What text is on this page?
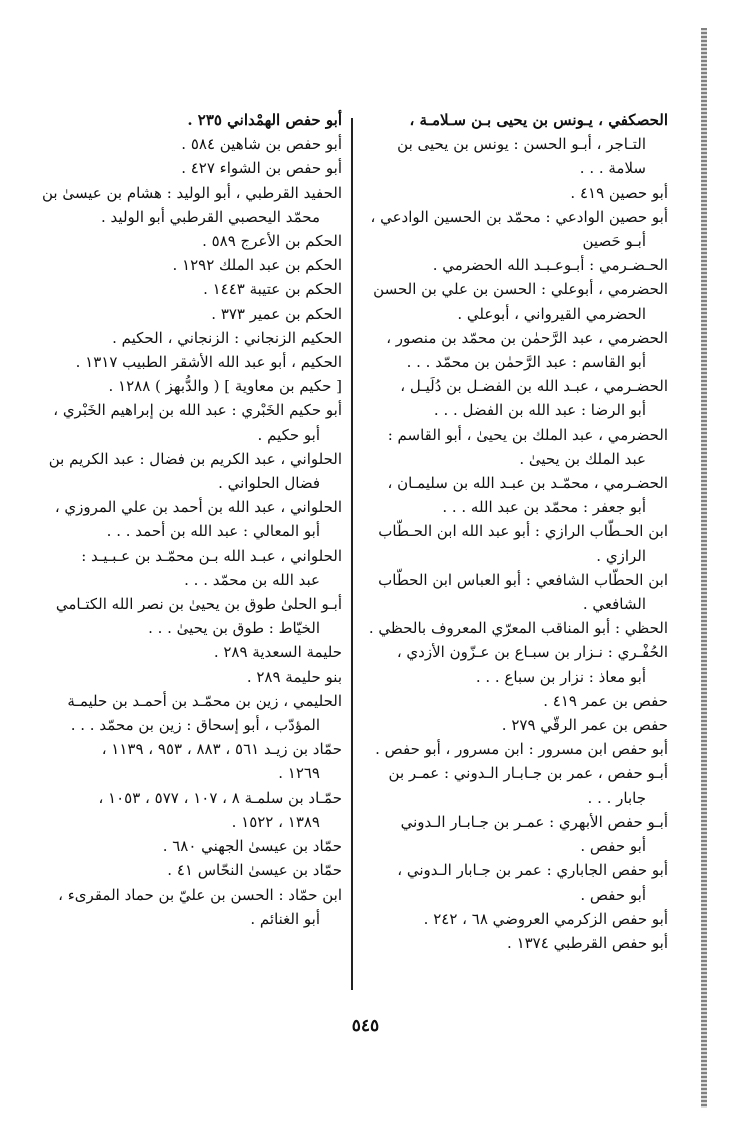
الحصكفي ، يـونس بن يحيى بـن سـلامـة ،
التـاجر ، أبـو الحسن : يونس بن يحيى بن
سلامة . . .
أبو حصين ٤١٩ .
أبو حصين الوادعي : محمّد بن الحسين الوادعي ،
أبـو حَصين
الحـضـرمي : أبـوعـبـد الله الحضرمي .
الحضرمي ، أبوعلي : الحسن بن علي بن الحسن
الحضرمي القيرواني ، أبوعلي .
الحضرمي ، عبد الرَّحمٰن بن محمّد بن منصور ،
أبو القاسم : عبد الرَّحمٰن بن محمّد . . .
الحضـرمي ، عبـد الله بن الفضـل بن دُلَيـل ،
أبو الرضا : عبد الله بن الفضل . . .
الحضرمي ، عبد الملك بن يحيىٰ ، أبو القاسم :
عبد الملك بن يحيىٰ .
الحضـرمي ، محمّـد بن عبـد الله بن سليمـان ،
أبو جعفر : محمّد بن عبد الله . . .
ابن الحـطّاب الرازي : أبو عبد الله ابن الحـطّاب
الرازي .
ابن الحطّاب الشافعي : أبو العباس ابن الحطّاب
الشافعي .
الحظي : أبو المناقب المعرّي المعروف بالحظي .
الحُفْـري : نـزار بن سبـاع بن عـزّون الأزدي ،
أبو معاذ : نزار بن سباع . . .
حفص بن عمر ٤١٩ .
حفص بن عمر الرقّي ٢٧٩ .
أبو حفص ابن مسرور : ابن مسرور ، أبو حفص .
أبـو حفص ، عمر بن جـابـار الـدوني : عمـر بن
جابار . . .
أبـو حفص الأبهري : عمـر بن جـابـار الـدوني
أبو حفص .
أبو حفص الجاباري : عمر بن جـابار الـدوني ،
أبو حفص .
أبو حفص الزكرمي العروضي ٦٨ ، ٢٤٢ .
أبو حفص القرطبي ١٣٧٤ .
أبو حفص الهمْداني ٢٣٥ .
أبو حفص بن شاهين ٥٨٤ .
أبو حفص بن الشواء ٤٢٧ .
الحفيد القرطبي ، أبو الوليد : هشام بن عيسىٰ بن
محمّد اليحصبي القرطبي أبو الوليد .
الحكم بن الأعرج ٥٨٩ .
الحكم بن عبد الملك ١٢٩٢ .
الحكم بن عتيبة ١٤٤٣ .
الحكم بن عمير ٣٧٣ .
الحكيم الزنجاني : الزنجاني ، الحكيم .
الحكيم ، أبو عبد الله الأشقر الطبيب ١٣١٧ .
[ حكيم بن معاوية ] ( والدُّبهز ) ١٢٨٨ .
أبو حكيم الخَبْري : عبد الله بن إبراهيم الخَبْري ،
أبو حكيم .
الحلواني ، عبد الكريم بن فضال : عبد الكريم بن
فضال الحلواني .
الحلواني ، عبد الله بن أحمد بن علي المروزي ،
أبو المعالي : عبد الله بن أحمد . . .
الحلواني ، عبـد الله بـن محمّـد بن عـبـيـد :
عبد الله بن محمّد . . .
أبـو الحلىٰ طوق بن يحيىٰ بن نصر الله الكتـامي
الخيّاط : طوق بن يحيىٰ . . .
حليمة السعدية ٢٨٩ .
بنو حليمة ٢٨٩ .
الحليمي ، زين بن محمّـد بن أحمـد بن حليمـة
المؤدّب ، أبو إسحاق : زين بن محمّد . . .
حمّاد بن زيـد ٥٦١ ، ٨٨٣ ، ٩٥٣ ، ١١٣٩ ،
١٢٦٩ .
حمّـاد بن سلمـة ٨ ، ١٠٧ ، ٥٧٧ ، ١٠٥٣ ،
١٣٨٩ ، ١٥٢٢ .
حمّاد بن عيسىٰ الجهني ٦٨٠ .
حمّاد بن عيسىٰ النحّاس ٤١ .
ابن حمّاد : الحسن بن عليّ بن حماد المقرىء ،
أبو الغنائم .
٥٤٥
